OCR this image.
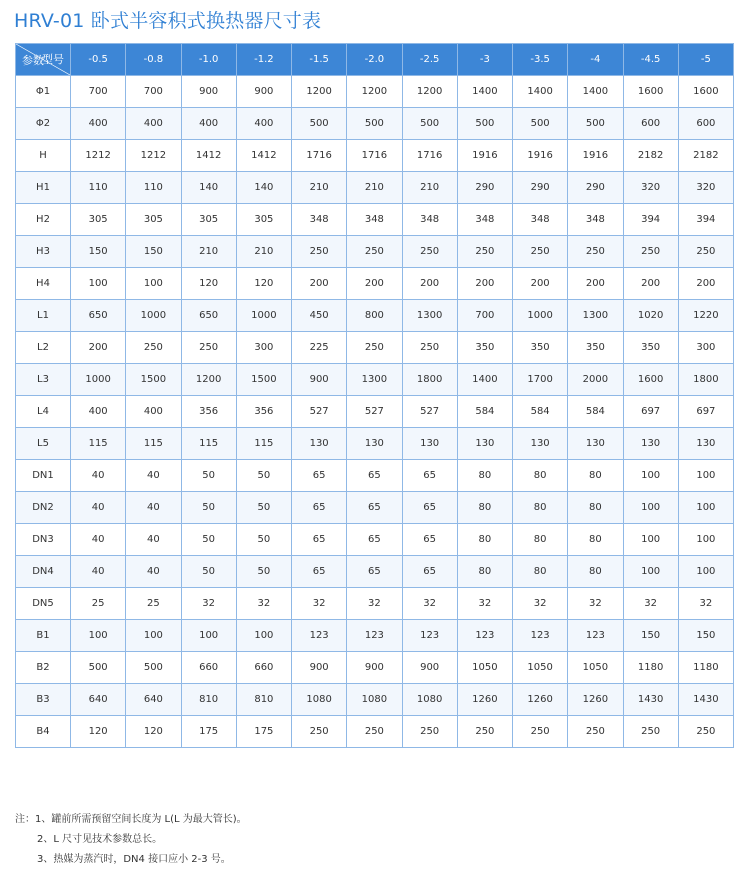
HRV-01 卧式半容积式换热器尺寸表
型号
参数	-0.5	-0.8	-1.0	-1.2	-1.5	-2.0	-2.5	-3	-3.5	-4	-4.5	-5
Φ1	700	700	900	900	1200	1200	1200	1400	1400	1400	1600	1600
Φ2	400	400	400	400	500	500	500	500	500	500	600	600
H	1212	1212	1412	1412	1716	1716	1716	1916	1916	1916	2182	2182
H1	110	110	140	140	210	210	210	290	290	290	320	320
H2	305	305	305	305	348	348	348	348	348	348	394	394
H3	150	150	210	210	250	250	250	250	250	250	250	250
H4	100	100	120	120	200	200	200	200	200	200	200	200
L1	650	1000	650	1000	450	800	1300	700	1000	1300	1020	1220
L2	200	250	250	300	225	250	250	350	350	350	350	300
L3	1000	1500	1200	1500	900	1300	1800	1400	1700	2000	1600	1800
L4	400	400	356	356	527	527	527	584	584	584	697	697
L5	115	115	115	115	130	130	130	130	130	130	130	130
DN1	40	40	50	50	65	65	65	80	80	80	100	100
DN2	40	40	50	50	65	65	65	80	80	80	100	100
DN3	40	40	50	50	65	65	65	80	80	80	100	100
DN4	40	40	50	50	65	65	65	80	80	80	100	100
DN5	25	25	32	32	32	32	32	32	32	32	32	32
B1	100	100	100	100	123	123	123	123	123	123	150	150
B2	500	500	660	660	900	900	900	1050	1050	1050	1180	1180
B3	640	640	810	810	1080	1080	1080	1260	1260	1260	1430	1430
B4	120	120	175	175	250	250	250	250	250	250	250	250
注：1、罐前所需预留空间长度为 L(L 为最大管长)。
2、L 尺寸见技术参数总长。
3、热媒为蒸汽时，DN4 接口应小 2-3 号。
